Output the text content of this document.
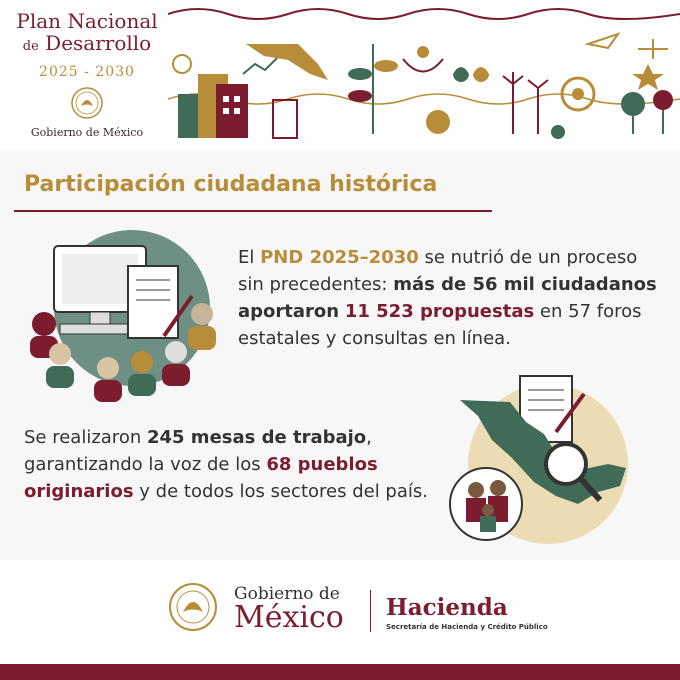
Plan Nacional
de Desarrollo
2025 - 2030
Gobierno de México
Participación ciudadana histórica
El PND 2025–2030 se nutrió de un proceso sin precedentes: más de 56 mil ciudadanos aportaron 11 523 propuestas en 57 foros estatales y consultas en línea.
Se realizaron 245 mesas de trabajo, garantizando la voz de los 68 pueblos originarios y de todos los sectores del país.
Gobierno de
México Hacienda
Secretaría de Hacienda y Crédito Público
